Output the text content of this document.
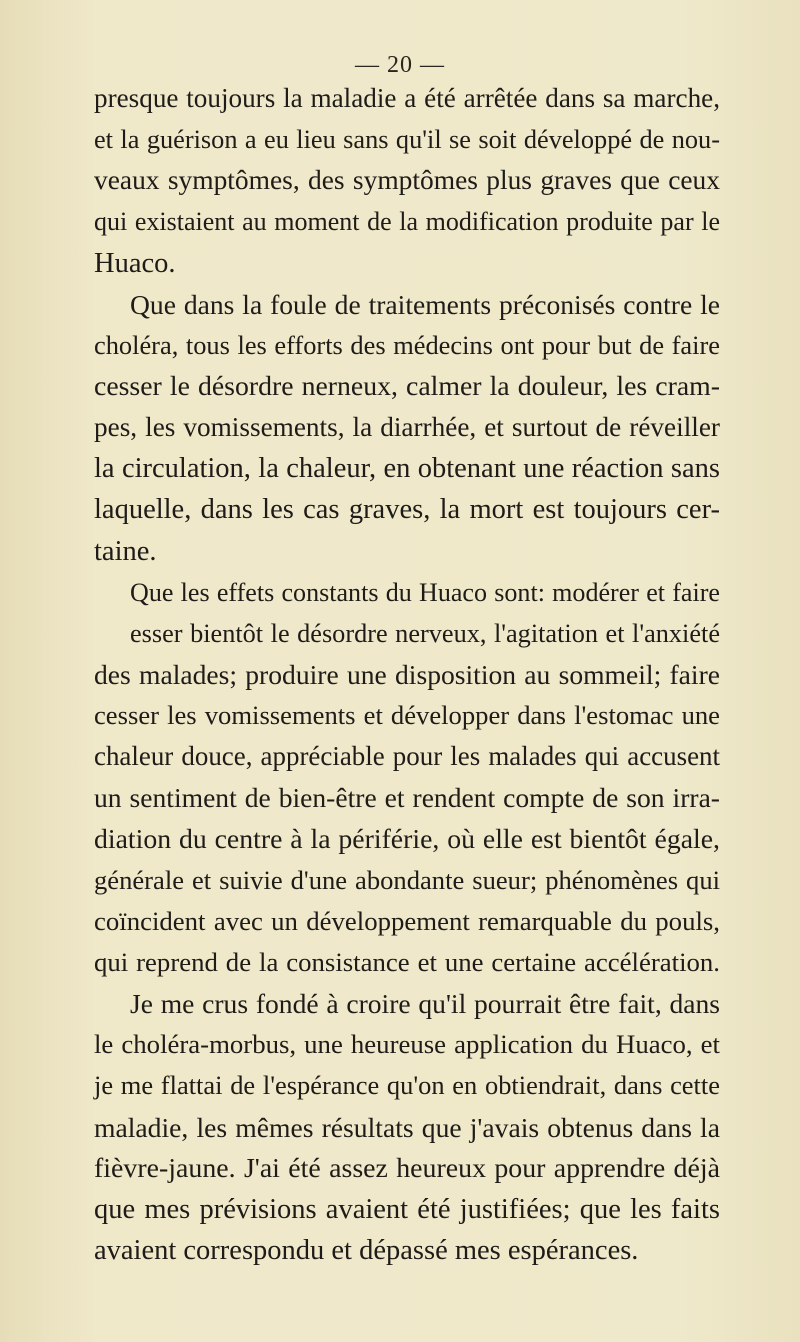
— 20 —
presque toujours la maladie a été arrêtée dans sa marche,
et la guérison a eu lieu sans qu'il se soit développé de nou-
veaux symptômes, des symptômes plus graves que ceux
qui existaient au moment de la modification produite par le
Huaco.
Que dans la foule de traitements préconisés contre le
choléra, tous les efforts des médecins ont pour but de faire
cesser le désordre nerneux, calmer la douleur, les cram-
pes, les vomissements, la diarrhée, et surtout de réveiller
la circulation, la chaleur, en obtenant une réaction sans
laquelle, dans les cas graves, la mort est toujours cer-
taine.
Que les effets constants du Huaco sont: modérer et faire
esser bientôt le désordre nerveux, l'agitation et l'anxiété
des malades; produire une disposition au sommeil; faire
cesser les vomissements et développer dans l'estomac une
chaleur douce, appréciable pour les malades qui accusent
un sentiment de bien-être et rendent compte de son irra-
diation du centre à la périférie, où elle est bientôt égale,
générale et suivie d'une abondante sueur; phénomènes qui
coïncident avec un développement remarquable du pouls,
qui reprend de la consistance et une certaine accélération.
Je me crus fondé à croire qu'il pourrait être fait, dans
le choléra-morbus, une heureuse application du Huaco, et
je me flattai de l'espérance qu'on en obtiendrait, dans cette
maladie, les mêmes résultats que j'avais obtenus dans la
fièvre-jaune. J'ai été assez heureux pour apprendre déjà
que mes prévisions avaient été justifiées; que les faits
avaient correspondu et dépassé mes espérances.
